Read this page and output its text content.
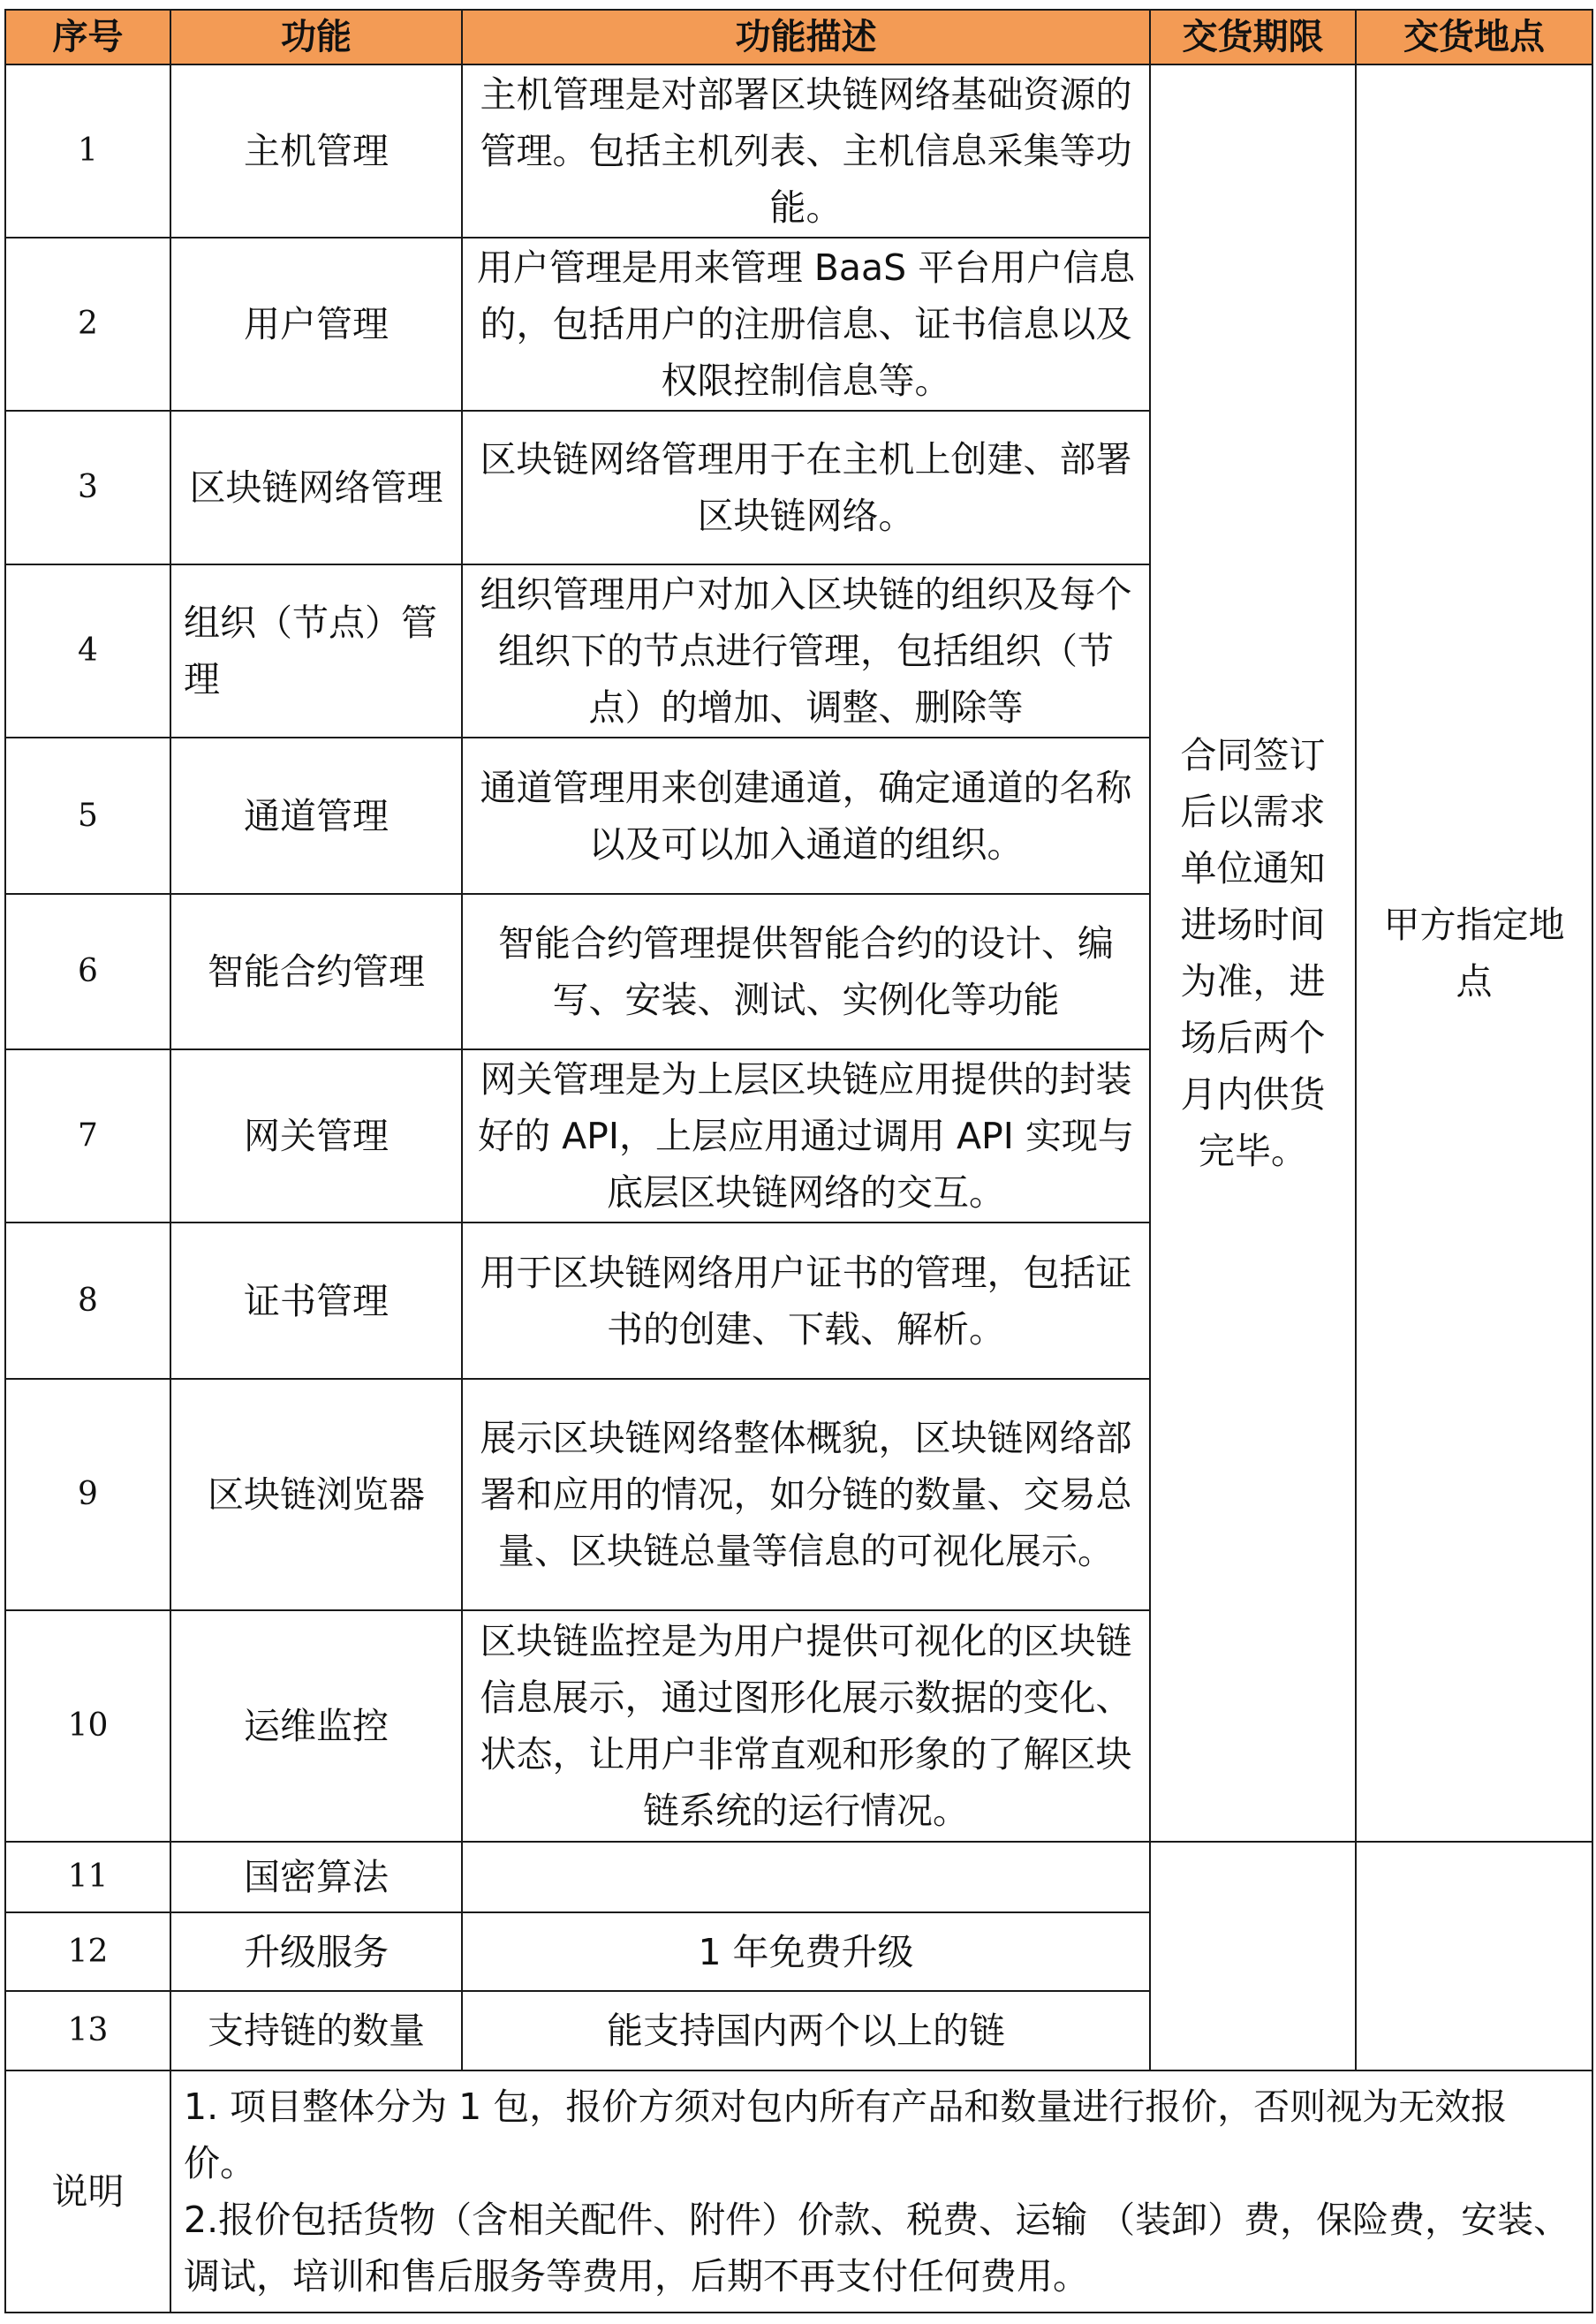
序号	功能	功能描述	交货期限	交货地点
1	主机管理	主机管理是对部署区块链网络基础资源的管理。包括主机列表、主机信息采集等功能。	合同签订后以需求单位通知进场时间为准，进场后两个月内供货完毕。	甲方指定地点
2	用户管理	用户管理是用来管理 BaaS 平台用户信息的，包括用户的注册信息、证书信息以及权限控制信息等。		
3	区块链网络管理	区块链网络管理用于在主机上创建、部署区块链网络。		
4	组织（节点）管理	组织管理用户对加入区块链的组织及每个组织下的节点进行管理，包括组织（节点）的增加、调整、删除等		
5	通道管理	通道管理用来创建通道，确定通道的名称以及可以加入通道的组织。		
6	智能合约管理	智能合约管理提供智能合约的设计、编写、安装、测试、实例化等功能		
7	网关管理	网关管理是为上层区块链应用提供的封装好的 API，上层应用通过调用 API 实现与底层区块链网络的交互。		
8	证书管理	用于区块链网络用户证书的管理，包括证书的创建、下载、解析。		
9	区块链浏览器	展示区块链网络整体概貌，区块链网络部署和应用的情况，如分链的数量、交易总量、区块链总量等信息的可视化展示。		
10	运维监控	区块链监控是为用户提供可视化的区块链信息展示，通过图形化展示数据的变化、状态，让用户非常直观和形象的了解区块链系统的运行情况。		
11	国密算法			
12	升级服务	1 年免费升级		
13	支持链的数量	能支持国内两个以上的链		
说明	1. 项目整体分为 1 包，报价方须对包内所有产品和数量进行报价，否则视为无效报价。
2.报价包括货物（含相关配件、附件）价款、税费、运输 （装卸）费，保险费，安装、调试，培训和售后服务等费用，后期不再支付任何费用。			
